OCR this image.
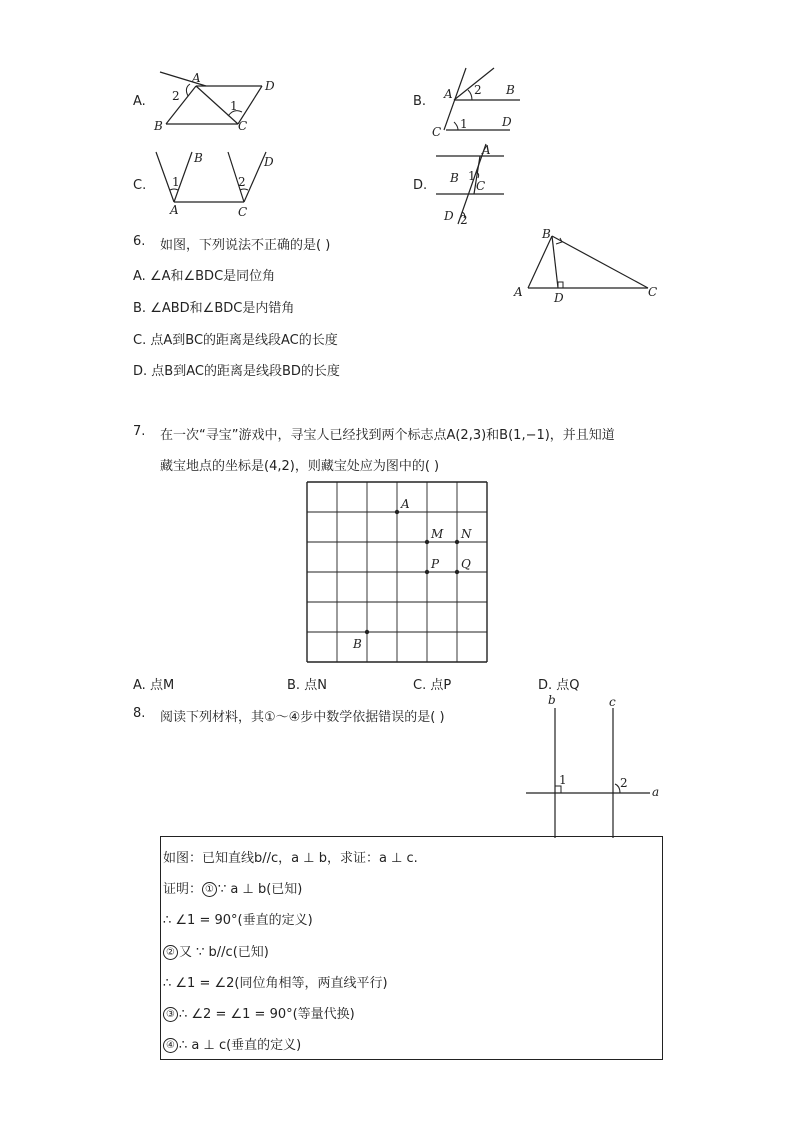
A.
A
D
B	C
1
2	B. A	B
C
D
1
2
C.
B	D
A	C
1	2	D.
A
B
C
D
1
2
6. 如图，下列说法不正确的是( )
A. ∠A和∠BDC是同位角
B. ∠ABD和∠BDC是内错角
C. 点A到BC的距离是线段AC的长度
D. 点B到AC的距离是线段BD的长度
A
B
D	C
7. 在一次“寻宝”游戏中，寻宝人已经找到两个标志点A(2,3)和B(1,−1)，并且知道
藏宝地点的坐标是(4,2)，则藏宝处应为图中的( )
A
M N
P Q
B
A. 点M	B. 点N	C. 点P	D. 点Q
8. 阅读下列材料，其①～④步中数学依据错误的是( )
b	c
a
1	2
如图：已知直线b//c，a ⊥ b，求证：a ⊥ c.
证明： ① ∵ a ⊥ b(已知)
∴ ∠1 = 90°(垂直的定义)
② 又 ∵ b//c(已知)
∴ ∠1 = ∠2(同位角相等，两直线平行)
③ ∴ ∠2 = ∠1 = 90°(等量代换)
④ ∴ a ⊥ c(垂直的定义)
